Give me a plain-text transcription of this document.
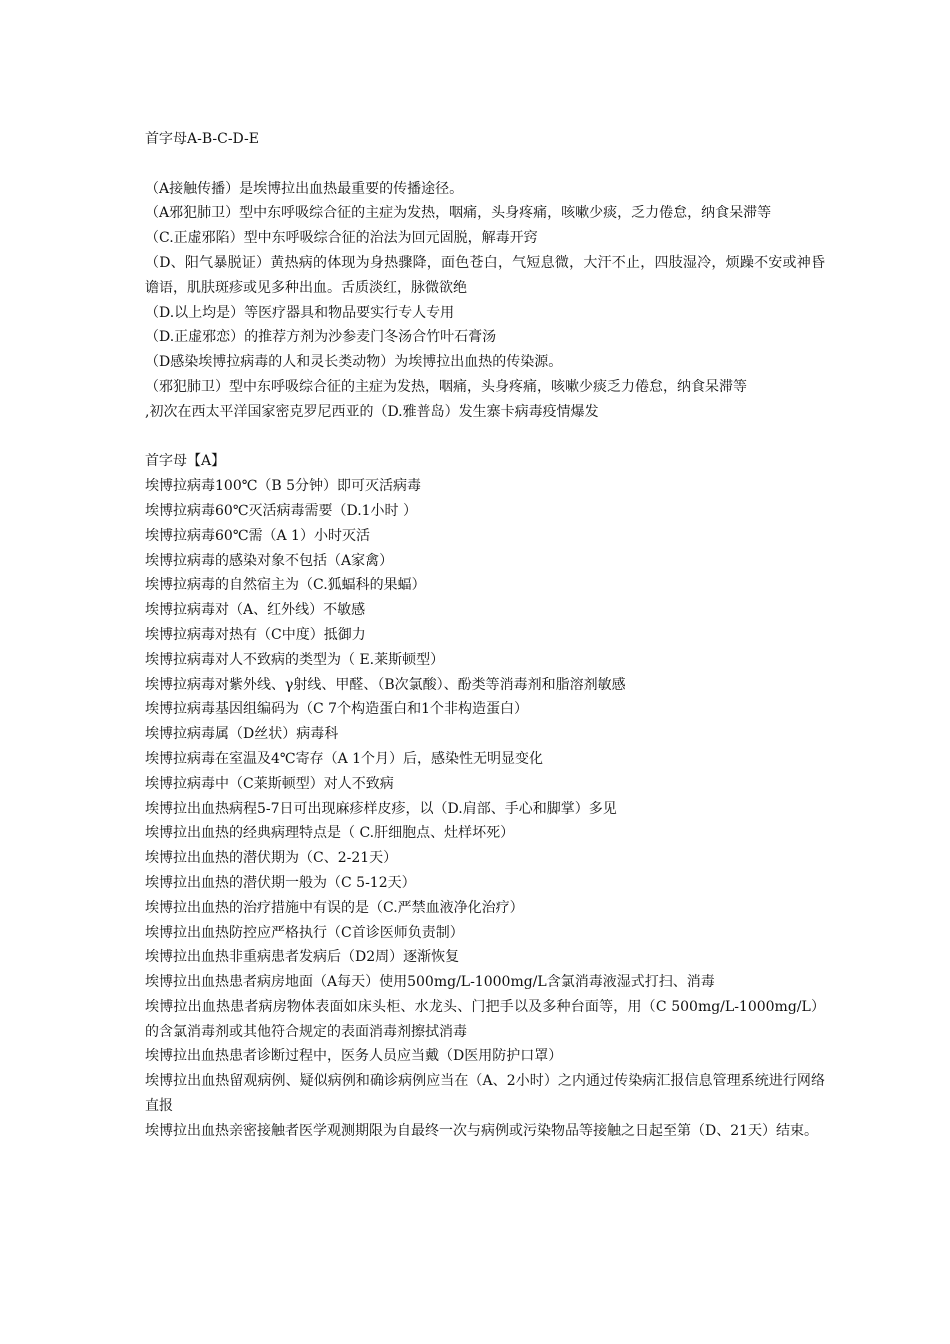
首字母A-B-C-D-E
（A接触传播）是埃博拉出血热最重要的传播途径。
（A邪犯肺卫）型中东呼吸综合征的主症为发热，咽痛，头身疼痛，咳嗽少痰，乏力倦怠，纳食呆滞等
（C.正虚邪陷）型中东呼吸综合征的治法为回元固脱，解毒开窍
（D、阳气暴脱证）黄热病的体现为身热骤降，面色苍白，气短息微，大汗不止，四肢湿冷，烦躁不安或神昏谵语，肌肤斑疹或见多种出血。舌质淡红，脉微欲绝
（D.以上均是）等医疗器具和物品要实行专人专用
（D.正虚邪恋）的推荐方剂为沙参麦门冬汤合竹叶石膏汤
（D感染埃博拉病毒的人和灵长类动物）为埃博拉出血热的传染源。
（邪犯肺卫）型中东呼吸综合征的主症为发热，咽痛，头身疼痛，咳嗽少痰乏力倦怠，纳食呆滞等
,初次在西太平洋国家密克罗尼西亚的（D.雅普岛）发生寨卡病毒疫情爆发
首字母【A】
埃博拉病毒100℃（B 5分钟）即可灭活病毒
埃博拉病毒60℃灭活病毒需要（D.1小时 ）
埃博拉病毒60℃需（A 1）小时灭活
埃博拉病毒的感染对象不包括（A家禽）
埃博拉病毒的自然宿主为（C.狐蝠科的果蝠）
埃博拉病毒对（A、红外线）不敏感
埃博拉病毒对热有（C中度）抵御力
埃博拉病毒对人不致病的类型为（ E.莱斯顿型）
埃博拉病毒对紫外线、γ射线、甲醛、（B次氯酸）、酚类等消毒剂和脂溶剂敏感
埃博拉病毒基因组编码为（C 7个构造蛋白和1个非构造蛋白）
埃博拉病毒属（D丝状）病毒科
埃博拉病毒在室温及4℃寄存（A 1个月）后，感染性无明显变化
埃博拉病毒中（C莱斯顿型）对人不致病
埃博拉出血热病程5-7日可出现麻疹样皮疹，以（D.肩部、手心和脚掌）多见
埃博拉出血热的经典病理特点是（ C.肝细胞点、灶样坏死）
埃博拉出血热的潜伏期为（C、2-21天）
埃博拉出血热的潜伏期一般为（C 5-12天）
埃博拉出血热的治疗措施中有误的是（C.严禁血液净化治疗）
埃博拉出血热防控应严格执行（C首诊医师负责制）
埃博拉出血热非重病患者发病后（D2周）逐渐恢复
埃博拉出血热患者病房地面（A每天）使用500mg/L-1000mg/L含氯消毒液湿式打扫、消毒
埃博拉出血热患者病房物体表面如床头柜、水龙头、门把手以及多种台面等，用（C 500mg/L-1000mg/L）的含氯消毒剂或其他符合规定的表面消毒剂擦拭消毒
埃博拉出血热患者诊断过程中，医务人员应当戴（D医用防护口罩）
埃博拉出血热留观病例、疑似病例和确诊病例应当在（A、2小时）之内通过传染病汇报信息管理系统进行网络直报
埃博拉出血热亲密接触者医学观测期限为自最终一次与病例或污染物品等接触之日起至第（D、21天）结束。
